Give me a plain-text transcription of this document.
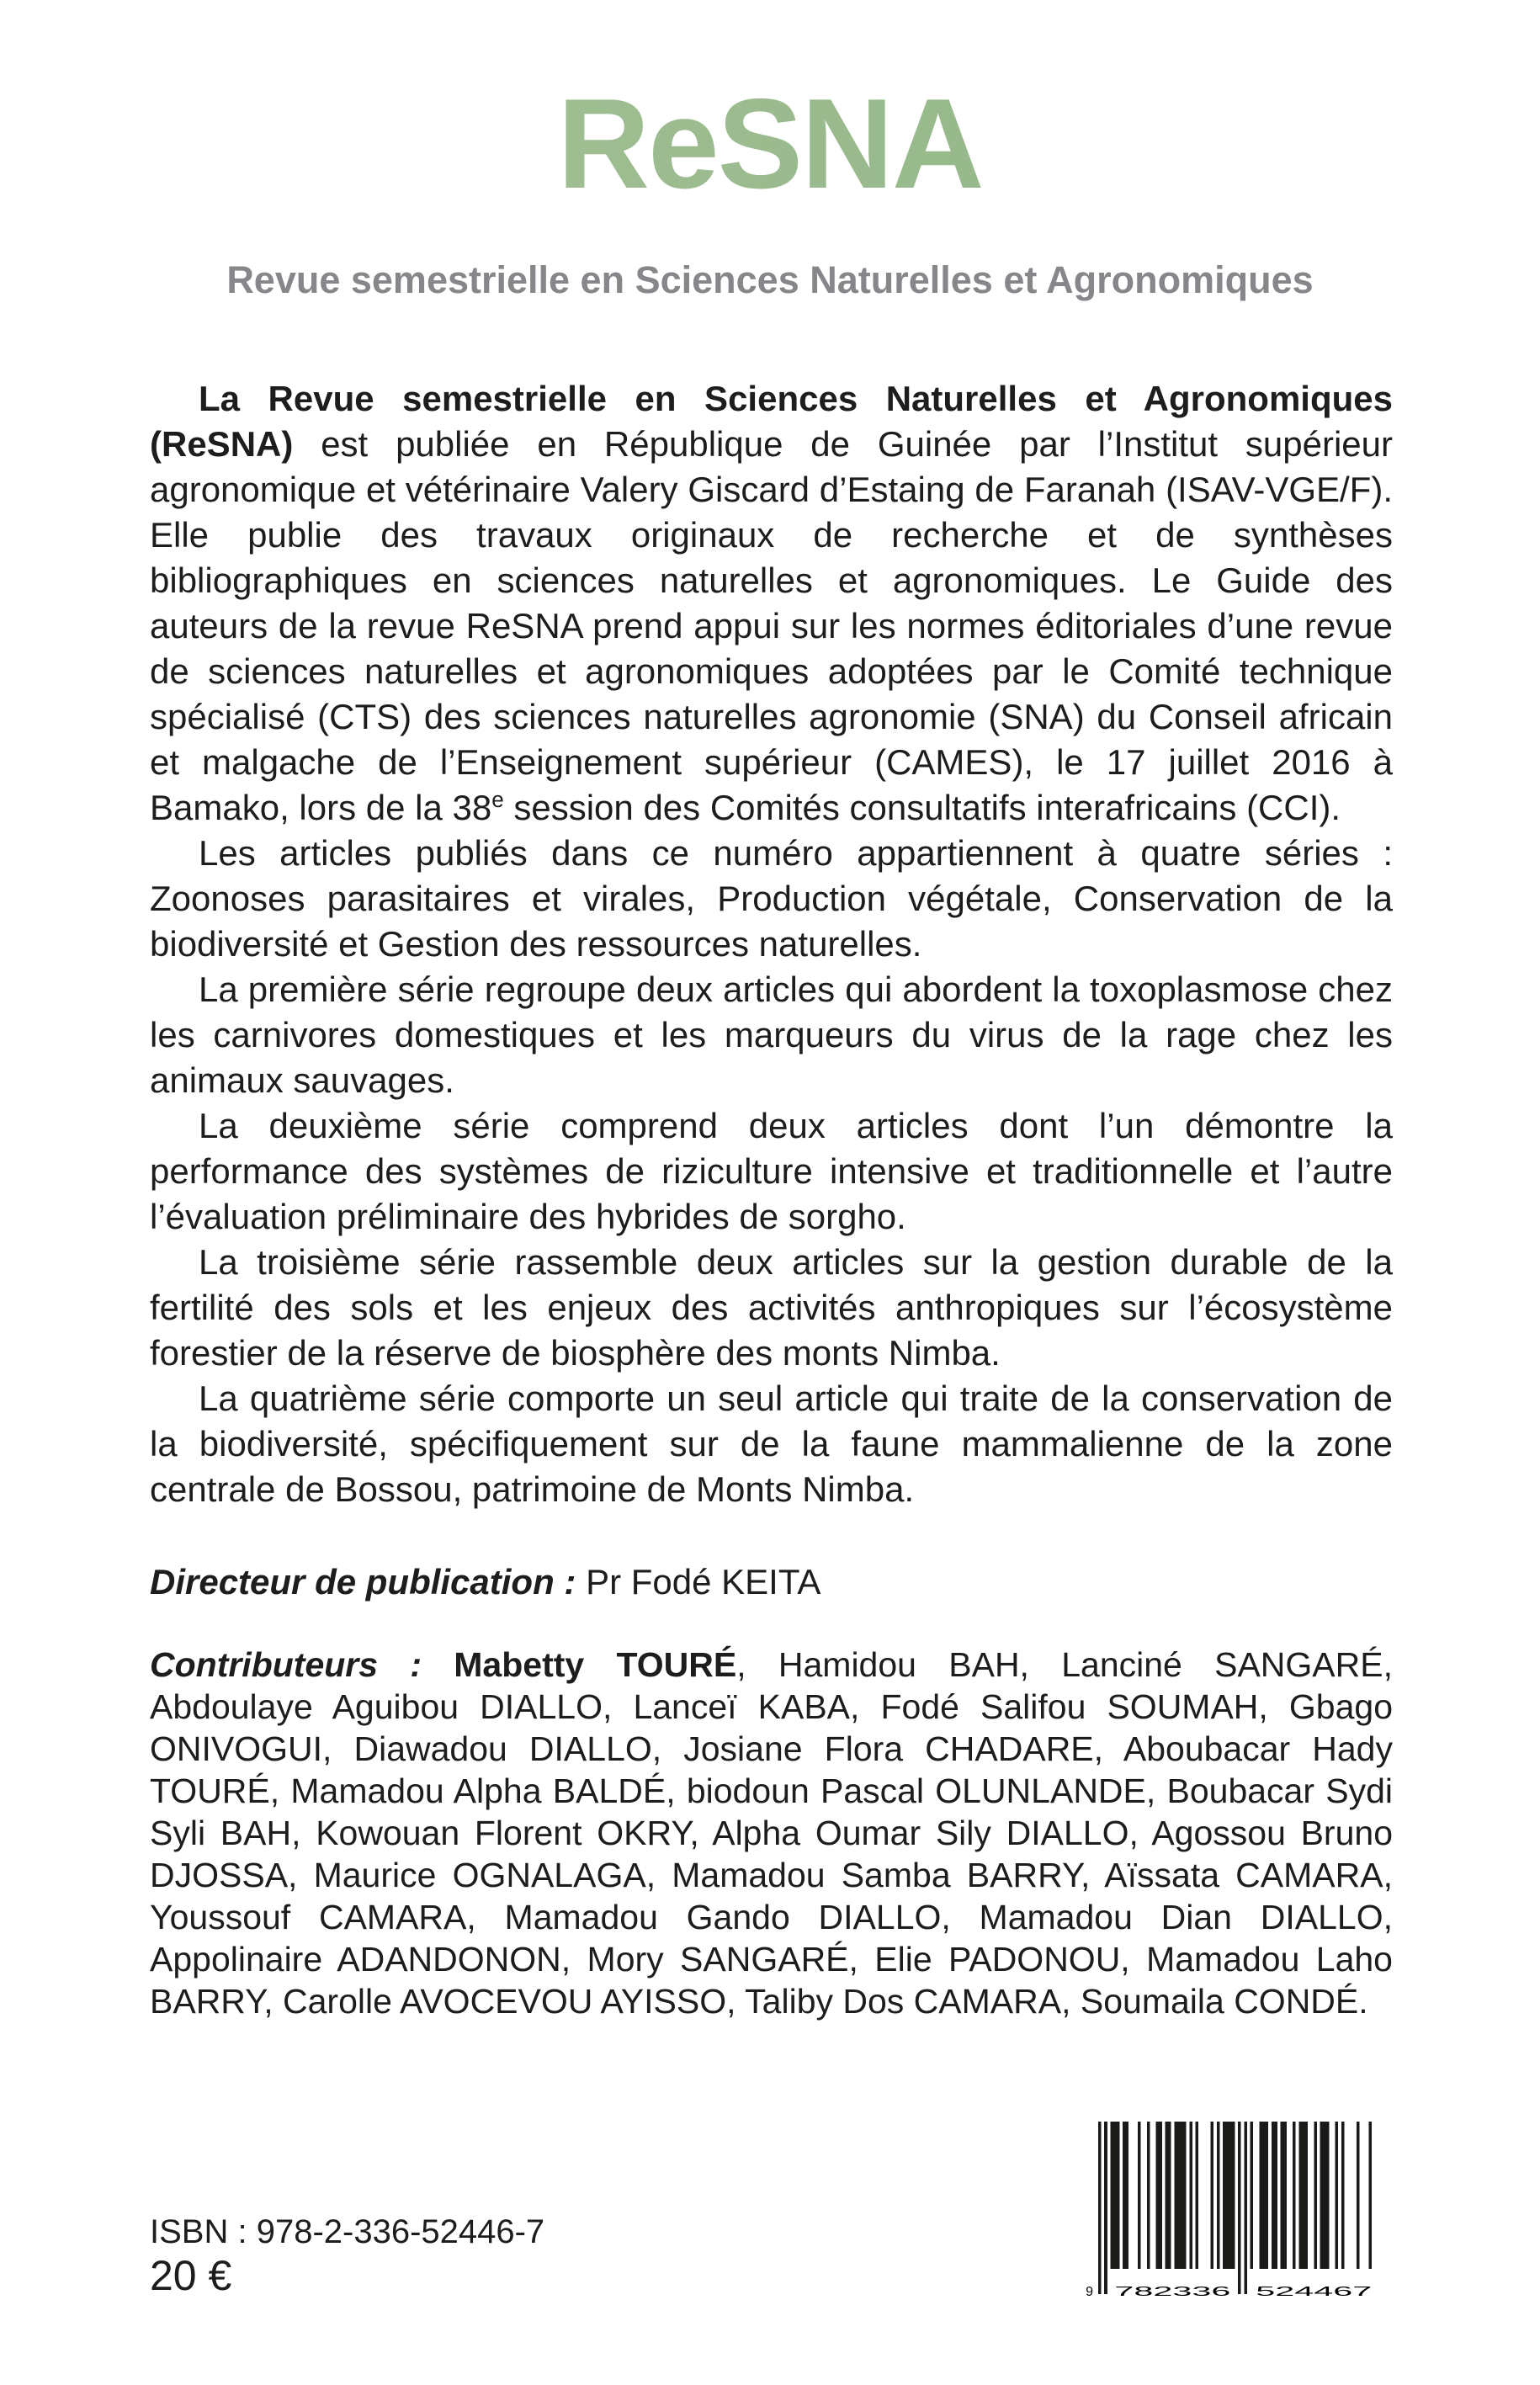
ReSNA
Revue semestrielle en Sciences Naturelles et Agronomiques

La Revue semestrielle en Sciences Naturelles et Agronomiques (ReSNA) est publiée en République de Guinée par l’Institut supérieur agronomique et vétérinaire Valery Giscard d’Estaing de Faranah (ISAV-VGE/F). Elle publie des travaux originaux de recherche et de synthèses bibliographiques en sciences naturelles et agronomiques. Le Guide des auteurs de la revue ReSNA prend appui sur les normes éditoriales d’une revue de sciences naturelles et agronomiques adoptées par le Comité technique spécialisé (CTS) des sciences naturelles agronomie (SNA) du Conseil africain et malgache de l’Enseignement supérieur (CAMES), le 17 juillet 2016 à Bamako, lors de la 38e session des Comités consultatifs interafricains (CCI).

Les articles publiés dans ce numéro appartiennent à quatre séries : Zoonoses parasitaires et virales, Production végétale, Conservation de la biodiversité et Gestion des ressources naturelles.

La première série regroupe deux articles qui abordent la toxoplasmose chez les carnivores domestiques et les marqueurs du virus de la rage chez les animaux sauvages.

La deuxième série comprend deux articles dont l’un démontre la performance des systèmes de riziculture intensive et traditionnelle et l’autre l’évaluation préliminaire des hybrides de sorgho.

La troisième série rassemble deux articles sur la gestion durable de la fertilité des sols et les enjeux des activités anthropiques sur l’écosystème forestier de la réserve de biosphère des monts Nimba.

La quatrième série comporte un seul article qui traite de la conservation de la biodiversité, spécifiquement sur de la faune mammalienne de la zone centrale de Bossou, patrimoine de Monts Nimba.

Directeur de publication : Pr Fodé KEITA

Contributeurs : Mabetty TOURÉ, Hamidou BAH, Lanciné SANGARÉ, Abdoulaye Aguibou DIALLO, Lanceï KABA, Fodé Salifou SOUMAH, Gbago ONIVOGUI, Diawadou DIALLO, Josiane Flora CHADARE, Aboubacar Hady TOURÉ, Mamadou Alpha BALDÉ, biodoun Pascal OLUNLANDE, Boubacar Sydi Syli BAH, Kowouan Florent OKRY, Alpha Oumar Sily DIALLO, Agossou Bruno DJOSSA, Maurice OGNALAGA, Mamadou Samba BARRY, Aïssata CAMARA, Youssouf CAMARA, Mamadou Gando DIALLO, Mamadou Dian DIALLO, Appolinaire ADANDONON, Mory SANGARÉ, Elie PADONOU, Mamadou Laho BARRY, Carolle AVOCEVOU AYISSO, Taliby Dos CAMARA, Soumaila CONDÉ.

ISBN : 978-2-336-52446-7
20 €	9 782336 524467
